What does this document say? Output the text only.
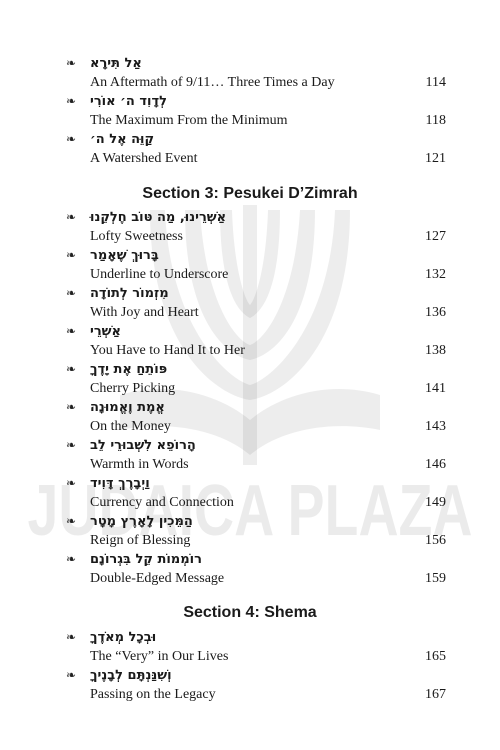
JUDAICA PLAZA
❧ אַל תִּירָא
An Aftermath of 9/11… Three Times a Day	114
❧ לְדָוִד ה׳ אוֹרִי
The Maximum From the Minimum	118
❧ קַוֵּה אֶל ה׳
A Watershed Event	121
Section 3: Pesukei D’Zimrah
❧ אַשְׁרֵינוּ, מַה טּוֹב חֶלְקֵנוּ
Lofty Sweetness	127
❧ בָּרוּךְ שֶׁאָמַר
Underline to Underscore	132
❧ מִזְמוֹר לְתוֹדָה
With Joy and Heart	136
❧ אַשְׁרֵי
You Have to Hand It to Her	138
❧ פּוֹתֵחַ אֶת יָדֶךָ
Cherry Picking	141
❧ אֱמֶת וֶאֱמוּנָה
On the Money	143
❧ הָרוֹפֵא לִשְׁבוּרֵי לֵב
Warmth in Words	146
❧ וַיְבָרֶךְ דָּוִיד
Currency and Connection	149
❧ הַמֵּכִין לָאָרֶץ מָטָר
Reign of Blessing	156
❧ רוֹמְמוֹת קֵל בִּגְרוֹנָם
Double-Edged Message	159
Section 4: Shema
❧ וּבְכָל מְאֹדֶךָ
The “Very” in Our Lives	165
❧ וְשִׁנַּנְתָּם לְבָנֶיךָ
Passing on the Legacy	167
